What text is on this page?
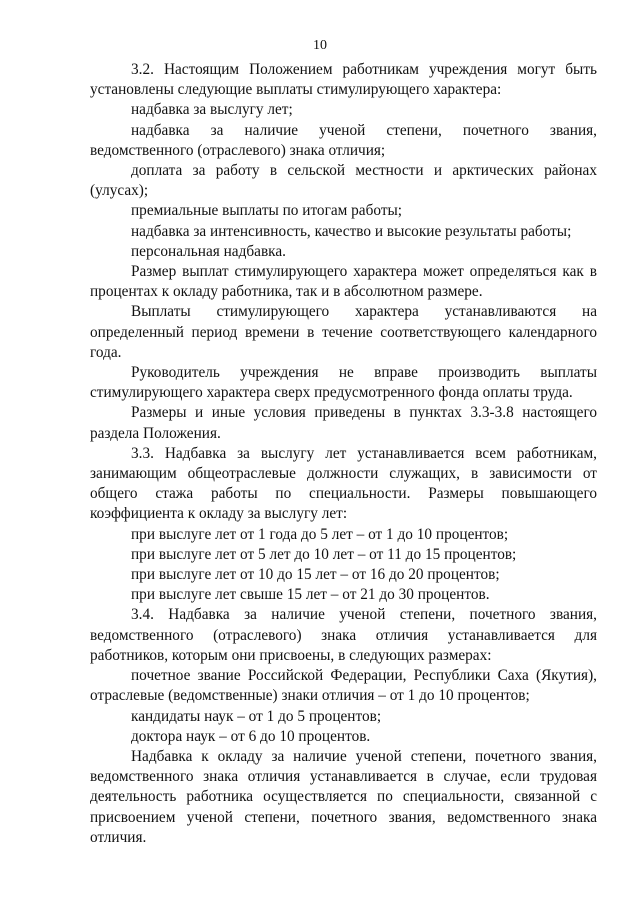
10

3.2. Настоящим Положением работникам учреждения могут быть установлены следующие выплаты стимулирующего характера:

надбавка за выслугу лет;

надбавка за наличие ученой степени, почетного звания, ведомственного (отраслевого) знака отличия;

доплата за работу в сельской местности и арктических районах (улусах);

премиальные выплаты по итогам работы;

надбавка за интенсивность, качество и высокие результаты работы;

персональная надбавка.

Размер выплат стимулирующего характера может определяться как в процентах к окладу работника, так и в абсолютном размере.

Выплаты стимулирующего характера устанавливаются на определенный период времени в течение соответствующего календарного года.

Руководитель учреждения не вправе производить выплаты стимулирующего характера сверх предусмотренного фонда оплаты труда.

Размеры и иные условия приведены в пунктах 3.3-3.8 настоящего раздела Положения.

3.3. Надбавка за выслугу лет устанавливается всем работникам, занимающим общеотраслевые должности служащих, в зависимости от общего стажа работы по специальности. Размеры повышающего коэффициента к окладу за выслугу лет:

при выслуге лет от 1 года до 5 лет – от 1 до 10 процентов;

при выслуге лет от 5 лет до 10 лет – от 11 до 15 процентов;

при выслуге лет от 10 до 15 лет – от 16 до 20 процентов;

при выслуге лет свыше 15 лет – от 21 до 30 процентов.

3.4. Надбавка за наличие ученой степени, почетного звания, ведомственного (отраслевого) знака отличия устанавливается для работников, которым они присвоены, в следующих размерах:

почетное звание Российской Федерации, Республики Саха (Якутия), отраслевые (ведомственные) знаки отличия – от 1 до 10 процентов;

кандидаты наук – от 1 до 5 процентов;

доктора наук – от 6 до 10 процентов.

Надбавка к окладу за наличие ученой степени, почетного звания, ведомственного знака отличия устанавливается в случае, если трудовая деятельность работника осуществляется по специальности, связанной с присвоением ученой степени, почетного звания, ведомственного знака отличия.
